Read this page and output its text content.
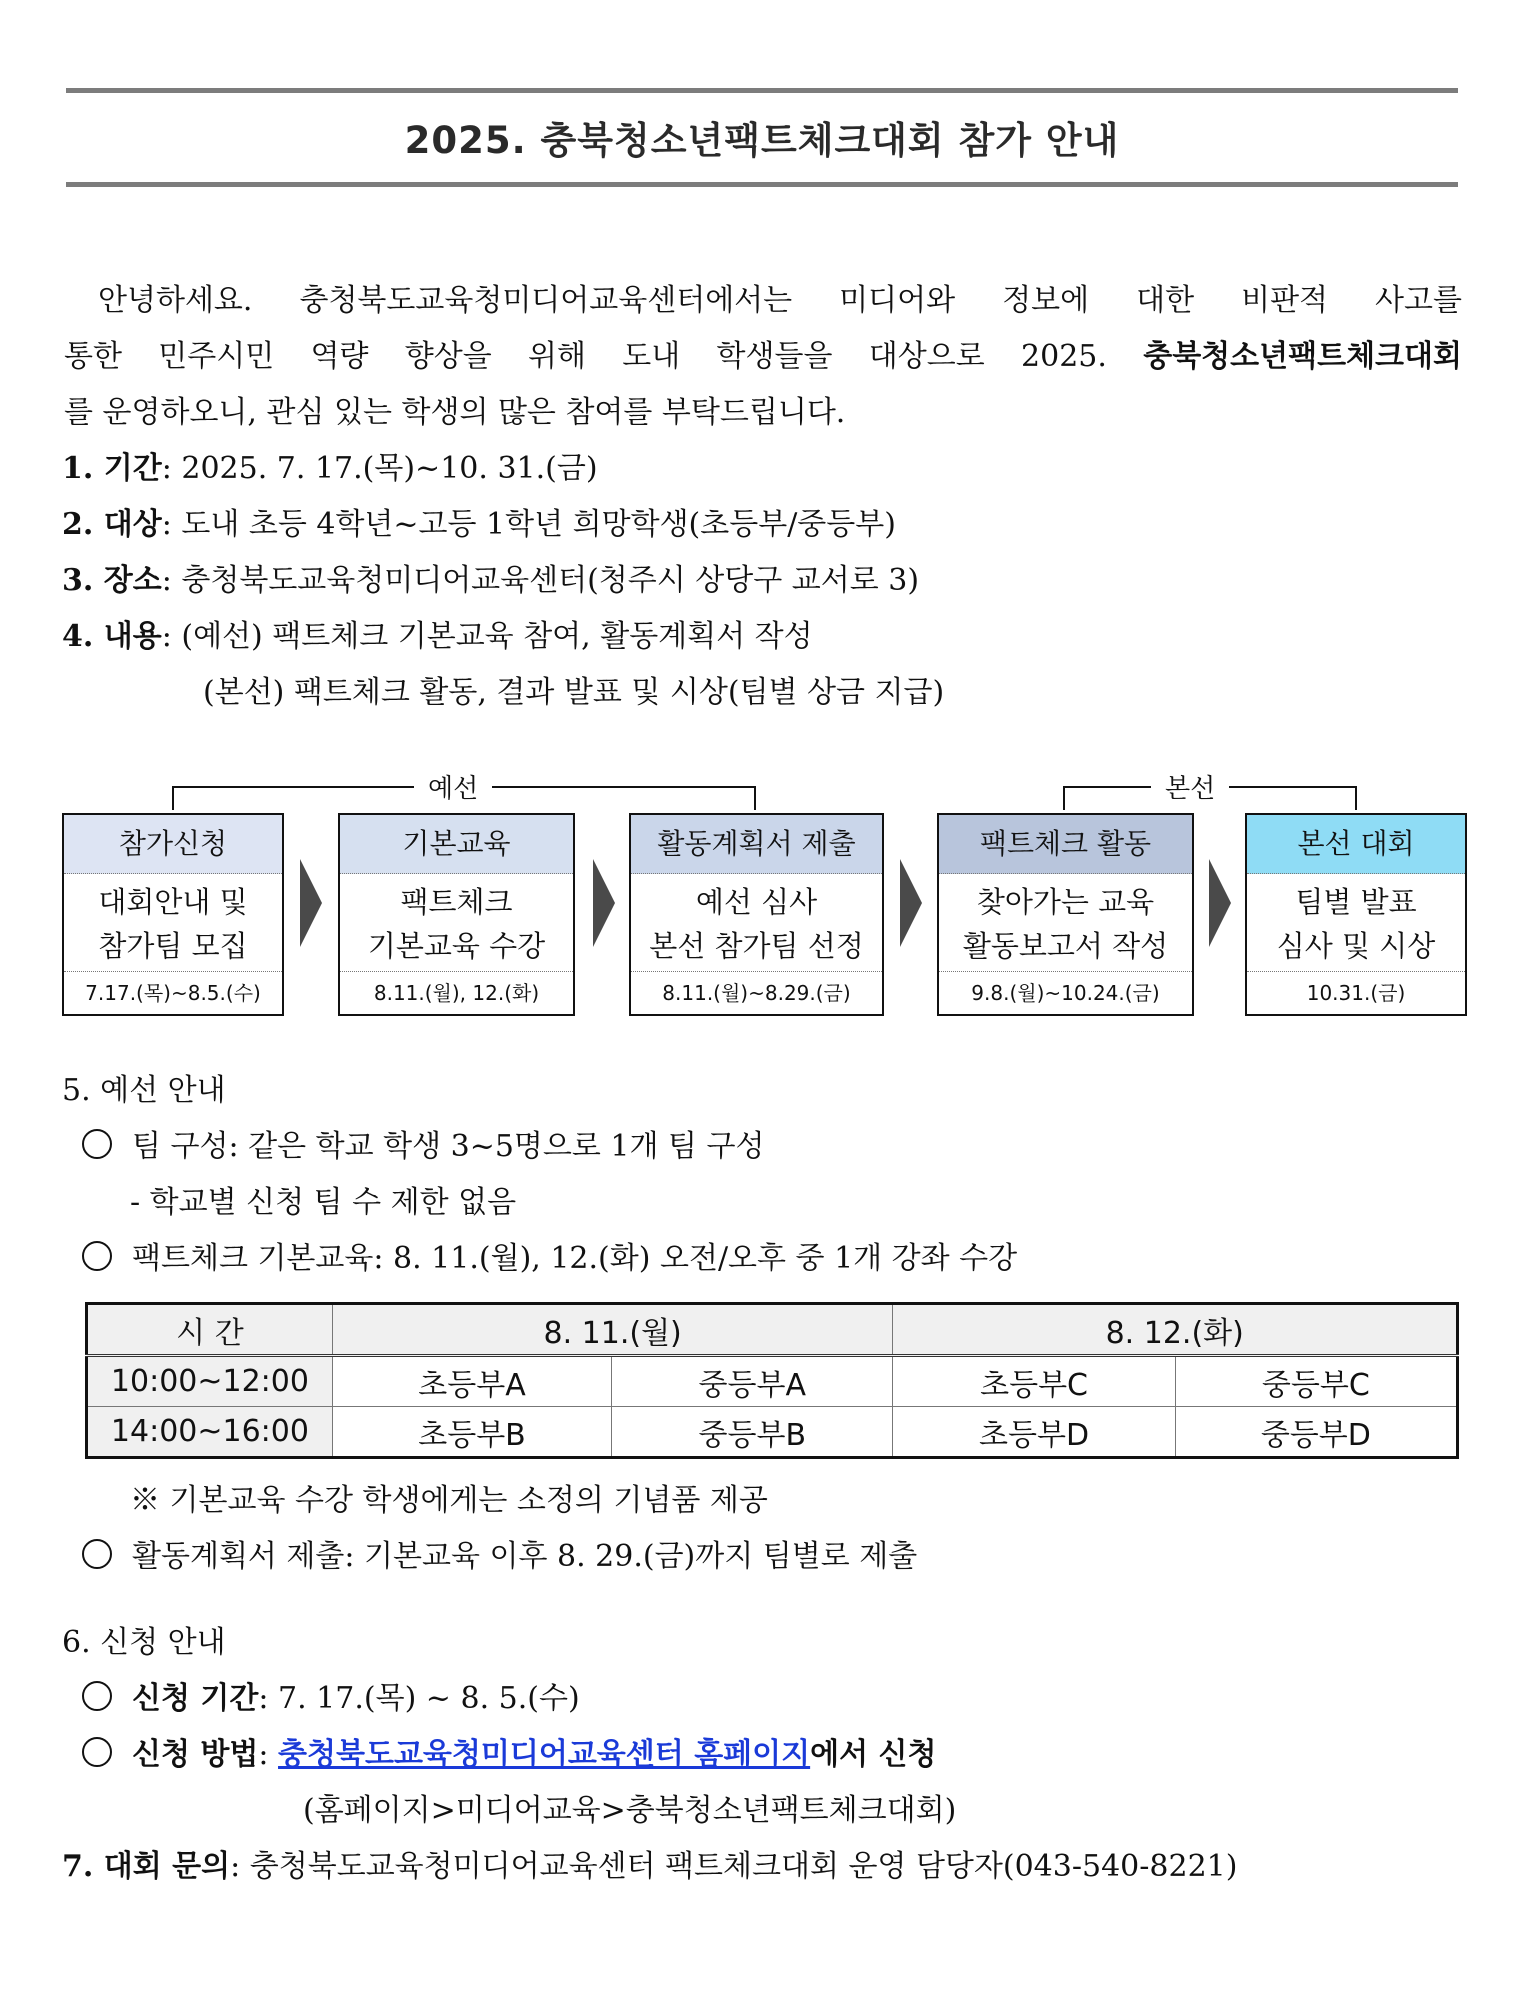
2025. 충북청소년팩트체크대회 참가 안내

안녕하세요. 충청북도교육청미디어교육센터에서는 미디어와 정보에 대한 비판적 사고를

통한 민주시민 역량 향상을 위해 도내 학생들을 대상으로 2025. 충북청소년팩트체크대회

를 운영하오니, 관심 있는 학생의 많은 참여를 부탁드립니다.

1. 기간: 2025. 7. 17.(목)~10. 31.(금)
2. 대상: 도내 초등 4학년~고등 1학년 희망학생(초등부/중등부)
3. 장소: 충청북도교육청미디어교육센터(청주시 상당구 교서로 3)
4. 내용: (예선) 팩트체크 기본교육 참여, 활동계획서 작성
(본선) 팩트체크 활동, 결과 발표 및 시상(팀별 상금 지급)
예선	본선
참가신청
대회안내 및
참가팀 모집
7.17.(목)~8.5.(수)
기본교육
팩트체크
기본교육 수강
8.11.(월), 12.(화)
활동계획서 제출
예선 심사
본선 참가팀 선정
8.11.(월)~8.29.(금)
팩트체크 활동
찾아가는 교육
활동보고서 작성
9.8.(월)~10.24.(금)
본선 대회
팀별 발표
심사 및 시상
10.31.(금)
5. 예선 안내
팀 구성: 같은 학교 학생 3~5명으로 1개 팀 구성
- 학교별 신청 팀 수 제한 없음
팩트체크 기본교육: 8. 11.(월), 12.(화) 오전/오후 중 1개 강좌 수강
시 간	8. 11.(월)		8. 12.(화)	
10:00~12:00	초등부A	중등부A	초등부C	중등부C
14:00~16:00	초등부B	중등부B	초등부D	중등부D
※ 기본교육 수강 학생에게는 소정의 기념품 제공
활동계획서 제출: 기본교육 이후 8. 29.(금)까지 팀별로 제출
6. 신청 안내
신청 기간: 7. 17.(목) ~ 8. 5.(수)
신청 방법: 충청북도교육청미디어교육센터 홈페이지에서 신청
(홈페이지>미디어교육>충북청소년팩트체크대회)
7. 대회 문의: 충청북도교육청미디어교육센터 팩트체크대회 운영 담당자(043-540-8221)
